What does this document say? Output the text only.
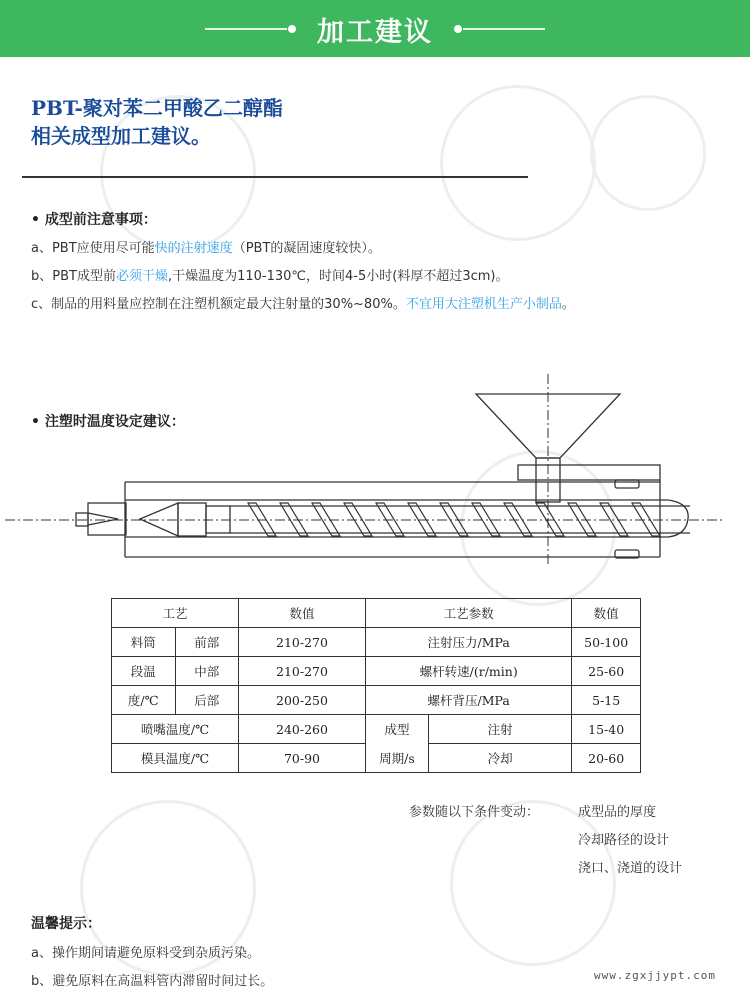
加工建议
PBT-聚对苯二甲酸乙二醇酯
相关成型加工建议。
• 成型前注意事项：
a、PBT应使用尽可能快的注射速度（PBT的凝固速度较快）。
b、PBT成型前必须干燥,干燥温度为110-130℃，时间4-5小时(料厚不超过3cm)。
c、制品的用料量应控制在注塑机额定最大注射量的30%~80%。不宜用大注塑机生产小制品。
• 注塑时温度设定建议：
工艺		数值	工艺参数		数值
料筒	前部	210-270	注射压力/MPa		50-100
段温	中部	210-270	螺杆转速/(r/min)		25-60
度/℃	后部	200-250	螺杆背压/MPa		5-15
喷嘴温度/℃		240-260	成型	注射	15-40
模具温度/℃		70-90	周期/s	冷却	20-60
参数随以下条件变动：	成型品的厚度
冷却路径的设计
浇口、浇道的设计
温馨提示：
a、操作期间请避免原料受到杂质污染。
b、避免原料在高温料管内滞留时间过长。	www.zgxjjypt.com
